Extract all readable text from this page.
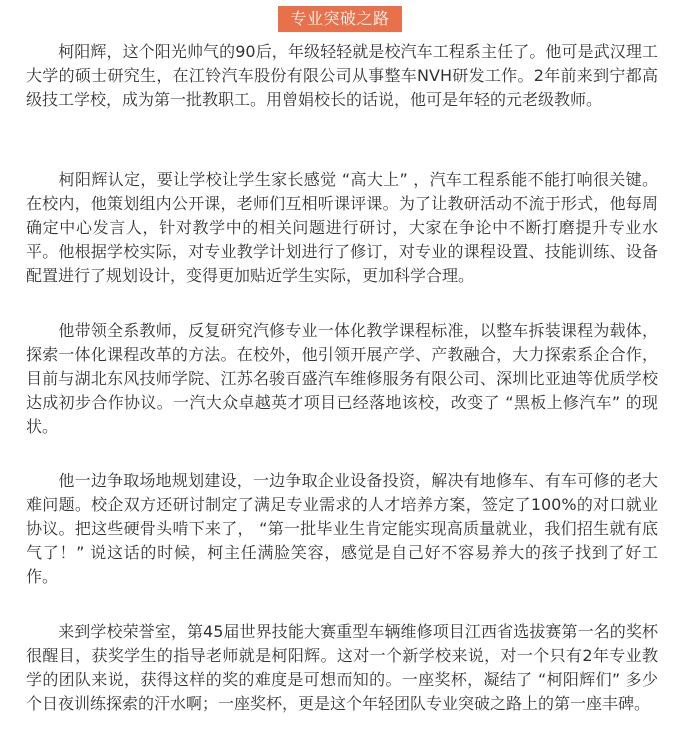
专业突破之路

　　柯阳辉，这个阳光帅气的90后，年级轻轻就是校汽车工程系主任了。他可是武汉理工大学的硕士研究生，在江铃汽车股份有限公司从事整车NVH研发工作。2年前来到宁都高级技工学校，成为第一批教职工。用曾娟校长的话说，他可是年轻的元老级教师。

　　柯阳辉认定，要让学校让学生家长感觉 “高大上” ，汽车工程系能不能打响很关键。在校内，他策划组内公开课，老师们互相听课评课。为了让教研活动不流于形式，他每周确定中心发言人，针对教学中的相关问题进行研讨，大家在争论中不断打磨提升专业水平。他根据学校实际，对专业教学计划进行了修订，对专业的课程设置、技能训练、设备配置进行了规划设计，变得更加贴近学生实际，更加科学合理。

　　他带领全系教师，反复研究汽修专业一体化教学课程标准，以整车拆装课程为载体，探索一体化课程改革的方法。在校外，他引领开展产学、产教融合，大力探索系企合作，目前与湖北东风技师学院、江苏名骏百盛汽车维修服务有限公司、深圳比亚迪等优质学校达成初步合作协议。一汽大众卓越英才项目已经落地该校，改变了 “黑板上修汽车” 的现状。

　　他一边争取场地规划建设，一边争取企业设备投资，解决有地修车、有车可修的老大难问题。校企双方还研讨制定了满足专业需求的人才培养方案，签定了100%的对口就业协议。把这些硬骨头啃下来了， “第一批毕业生肯定能实现高质量就业，我们招生就有底气了！” 说这话的时候，柯主任满脸笑容，感觉是自己好不容易养大的孩子找到了好工作。

　　来到学校荣誉室，第45届世界技能大赛重型车辆维修项目江西省选拔赛第一名的奖杯很醒目，获奖学生的指导老师就是柯阳辉。这对一个新学校来说，对一个只有2年专业教学的团队来说，获得这样的奖的难度是可想而知的。一座奖杯，凝结了 “柯阳辉们” 多少个日夜训练探索的汗水啊；一座奖杯，更是这个年轻团队专业突破之路上的第一座丰碑。
